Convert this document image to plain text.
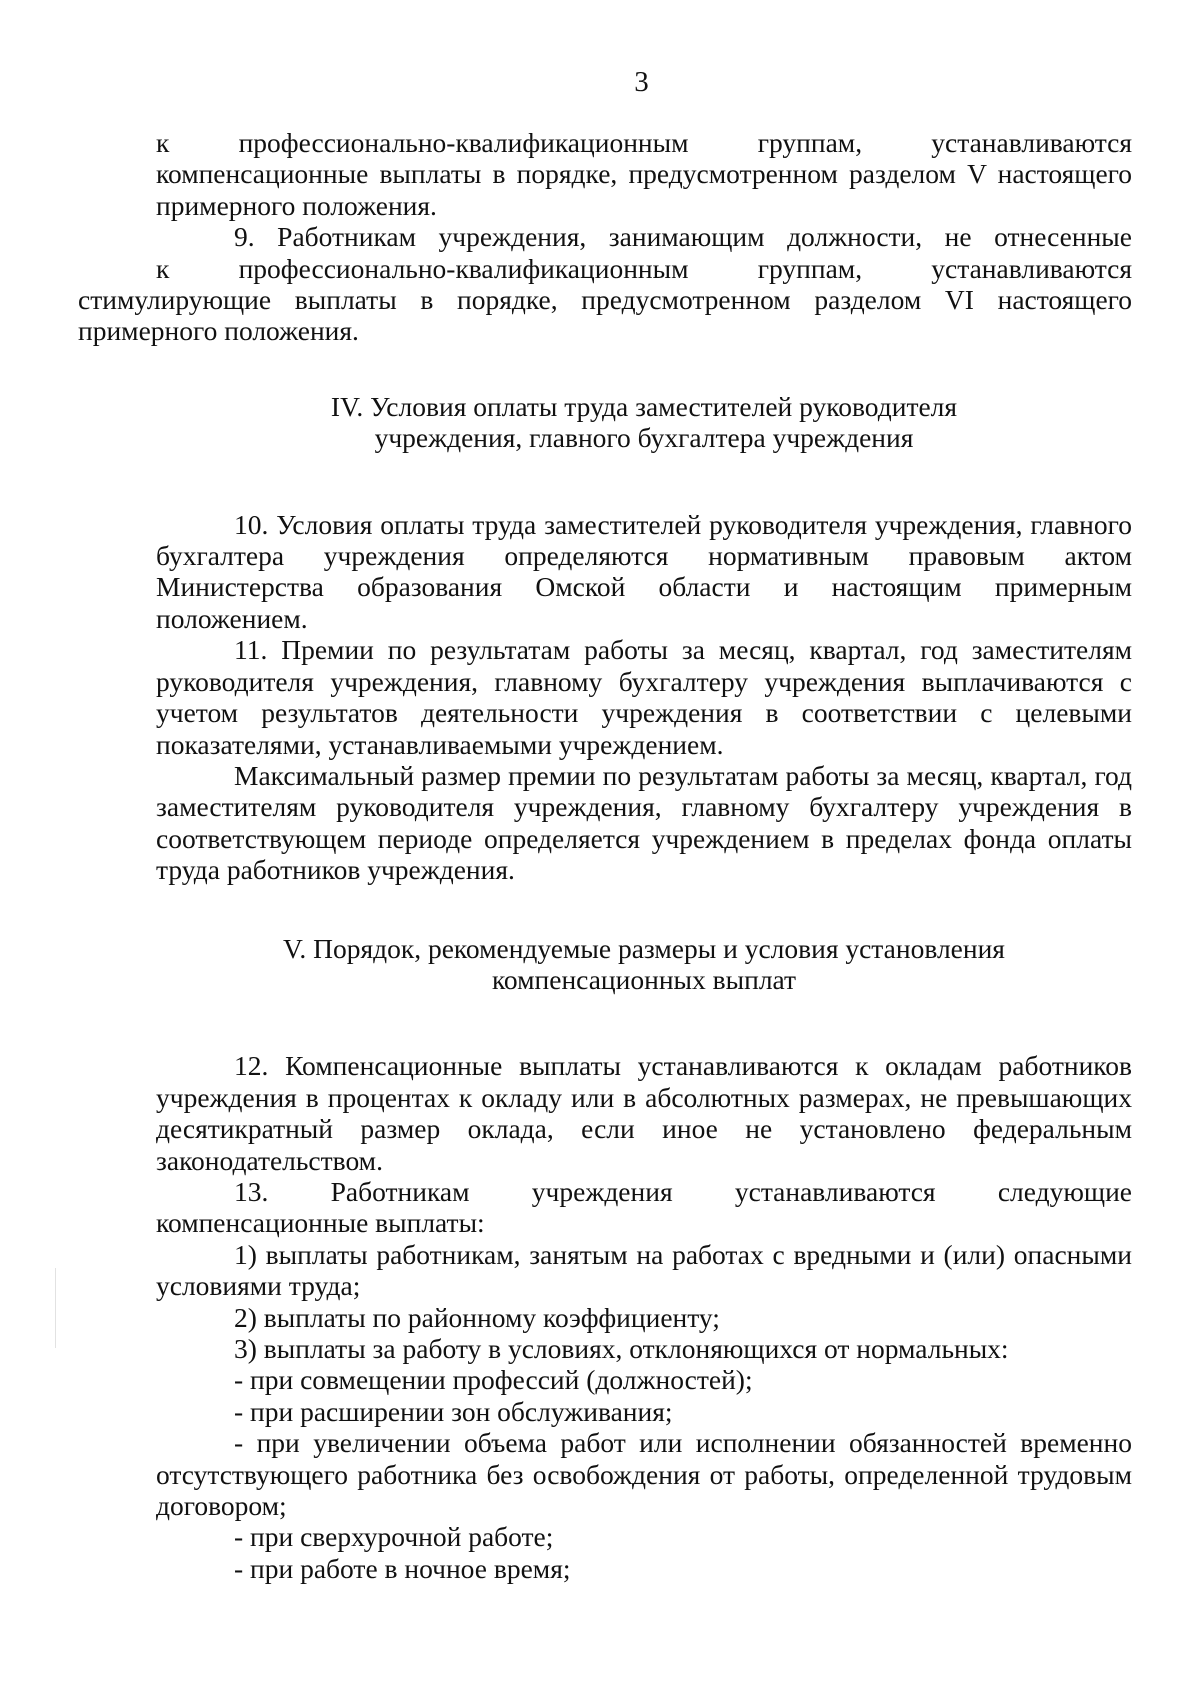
3

к	профессионально-квалификационным	группам,	устанавливаются
компенсационные выплаты в порядке, предусмотренном разделом V настоящего примерного положения.

9. Работникам учреждения, занимающим должности, не отнесенные
к	профессионально-квалификационным	группам,	устанавливаются
стимулирующие выплаты в порядке, предусмотренном разделом VI настоящего примерного положения.

IV. Условия оплаты труда заместителей руководителя
учреждения, главного бухгалтера учреждения

10. Условия оплаты труда заместителей руководителя учреждения, главного бухгалтера учреждения определяются нормативным правовым актом Министерства образования Омской области и настоящим примерным положением.

11. Премии по результатам работы за месяц, квартал, год заместителям руководителя учреждения, главному бухгалтеру учреждения выплачиваются с учетом результатов деятельности учреждения в соответствии с целевыми показателями, устанавливаемыми учреждением.

Максимальный размер премии по результатам работы за месяц, квартал, год заместителям руководителя учреждения, главному бухгалтеру учреждения в соответствующем периоде определяется учреждением в пределах фонда оплаты труда работников учреждения.

V. Порядок, рекомендуемые размеры и условия установления
компенсационных выплат

12. Компенсационные выплаты устанавливаются к окладам работников учреждения в процентах к окладу или в абсолютных размерах, не превышающих десятикратный размер оклада, если иное не установлено федеральным законодательством.

13. Работникам учреждения устанавливаются следующие
компенсационные выплаты:

1) выплаты работникам, занятым на работах с вредными и (или) опасными условиями труда;

2) выплаты по районному коэффициенту;

3) выплаты за работу в условиях, отклоняющихся от нормальных:

- при совмещении профессий (должностей);

- при расширении зон обслуживания;

- при увеличении объема работ или исполнении обязанностей временно отсутствующего работника без освобождения от работы, определенной трудовым договором;

- при сверхурочной работе;

- при работе в ночное время;
